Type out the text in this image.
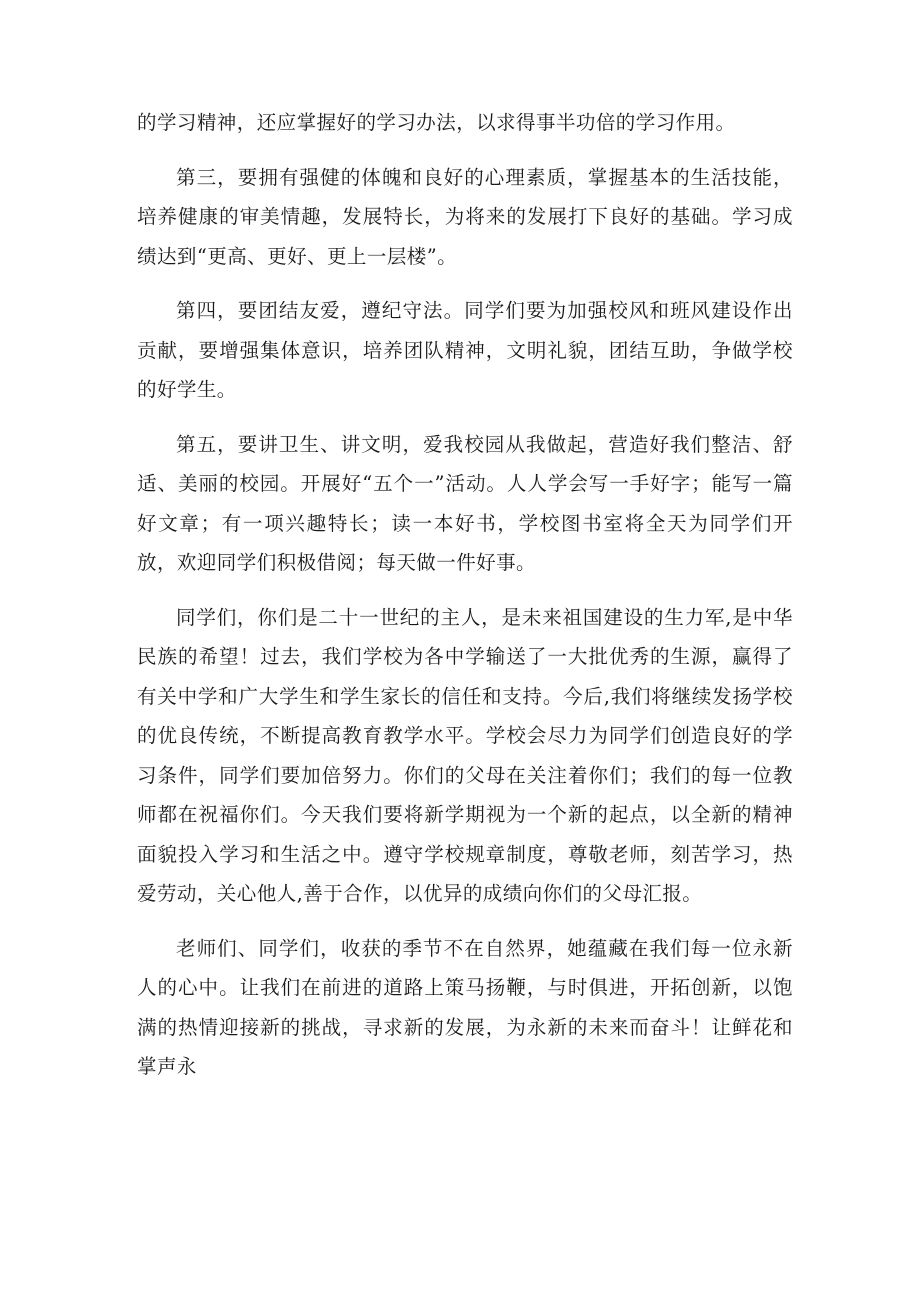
的学习精神，还应掌握好的学习办法，以求得事半功倍的学习作用。

第三，要拥有强健的体魄和良好的心理素质，掌握基本的生活技能，培养健康的审美情趣，发展特长，为将来的发展打下良好的基础。学习成绩达到“更高、更好、更上一层楼”。

第四，要团结友爱，遵纪守法。同学们要为加强校风和班风建设作出贡献，要增强集体意识，培养团队精神，文明礼貌，团结互助，争做学校的好学生。

第五，要讲卫生、讲文明，爱我校园从我做起，营造好我们整洁、舒适、美丽的校园。开展好“五个一”活动。人人学会写一手好字；能写一篇好文章；有一项兴趣特长；读一本好书，学校图书室将全天为同学们开放，欢迎同学们积极借阅；每天做一件好事。

同学们，你们是二十一世纪的主人，是未来祖国建设的生力军,是中华民族的希望！过去，我们学校为各中学输送了一大批优秀的生源，赢得了有关中学和广大学生和学生家长的信任和支持。今后,我们将继续发扬学校的优良传统，不断提高教育教学水平。学校会尽力为同学们创造良好的学习条件，同学们要加倍努力。你们的父母在关注着你们；我们的每一位教师都在祝福你们。今天我们要将新学期视为一个新的起点，以全新的精神面貌投入学习和生活之中。遵守学校规章制度，尊敬老师，刻苦学习，热爱劳动，关心他人,善于合作，以优异的成绩向你们的父母汇报。

老师们、同学们，收获的季节不在自然界，她蕴藏在我们每一位永新人的心中。让我们在前进的道路上策马扬鞭，与时俱进，开拓创新，以饱满的热情迎接新的挑战，寻求新的发展，为永新的未来而奋斗！让鲜花和掌声永
